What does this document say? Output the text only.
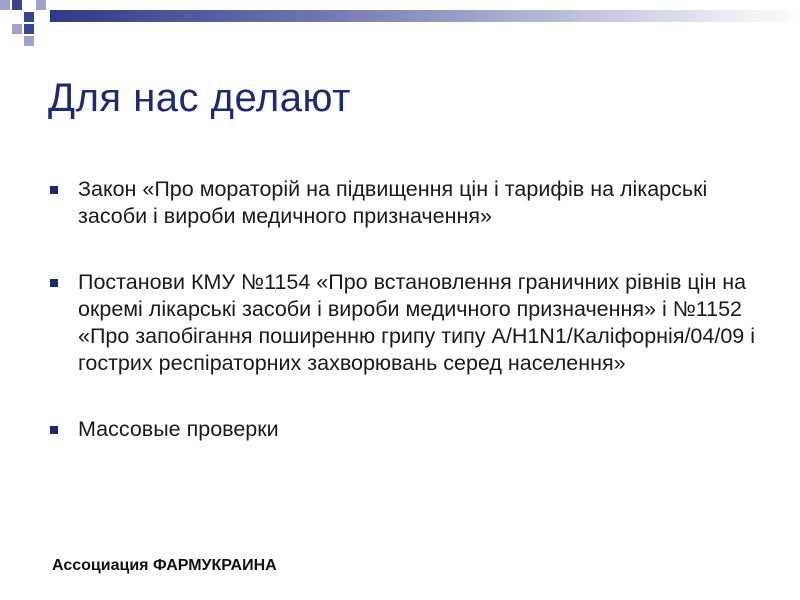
Для нас делают
Закон «Про мораторій на підвищення цін і тарифів на лікарські засоби і вироби медичного призначення»
Постанови КМУ №1154 «Про встановлення граничних рівнів цін на окремі лікарські засоби і вироби медичного призначення» і №1152 «Про запобігання поширенню грипу типу А/H1N1/Каліфорнія/04/09 і гострих респіраторних захворювань серед населення»
Массовые проверки
Ассоциация ФАРМУКРАИНА
